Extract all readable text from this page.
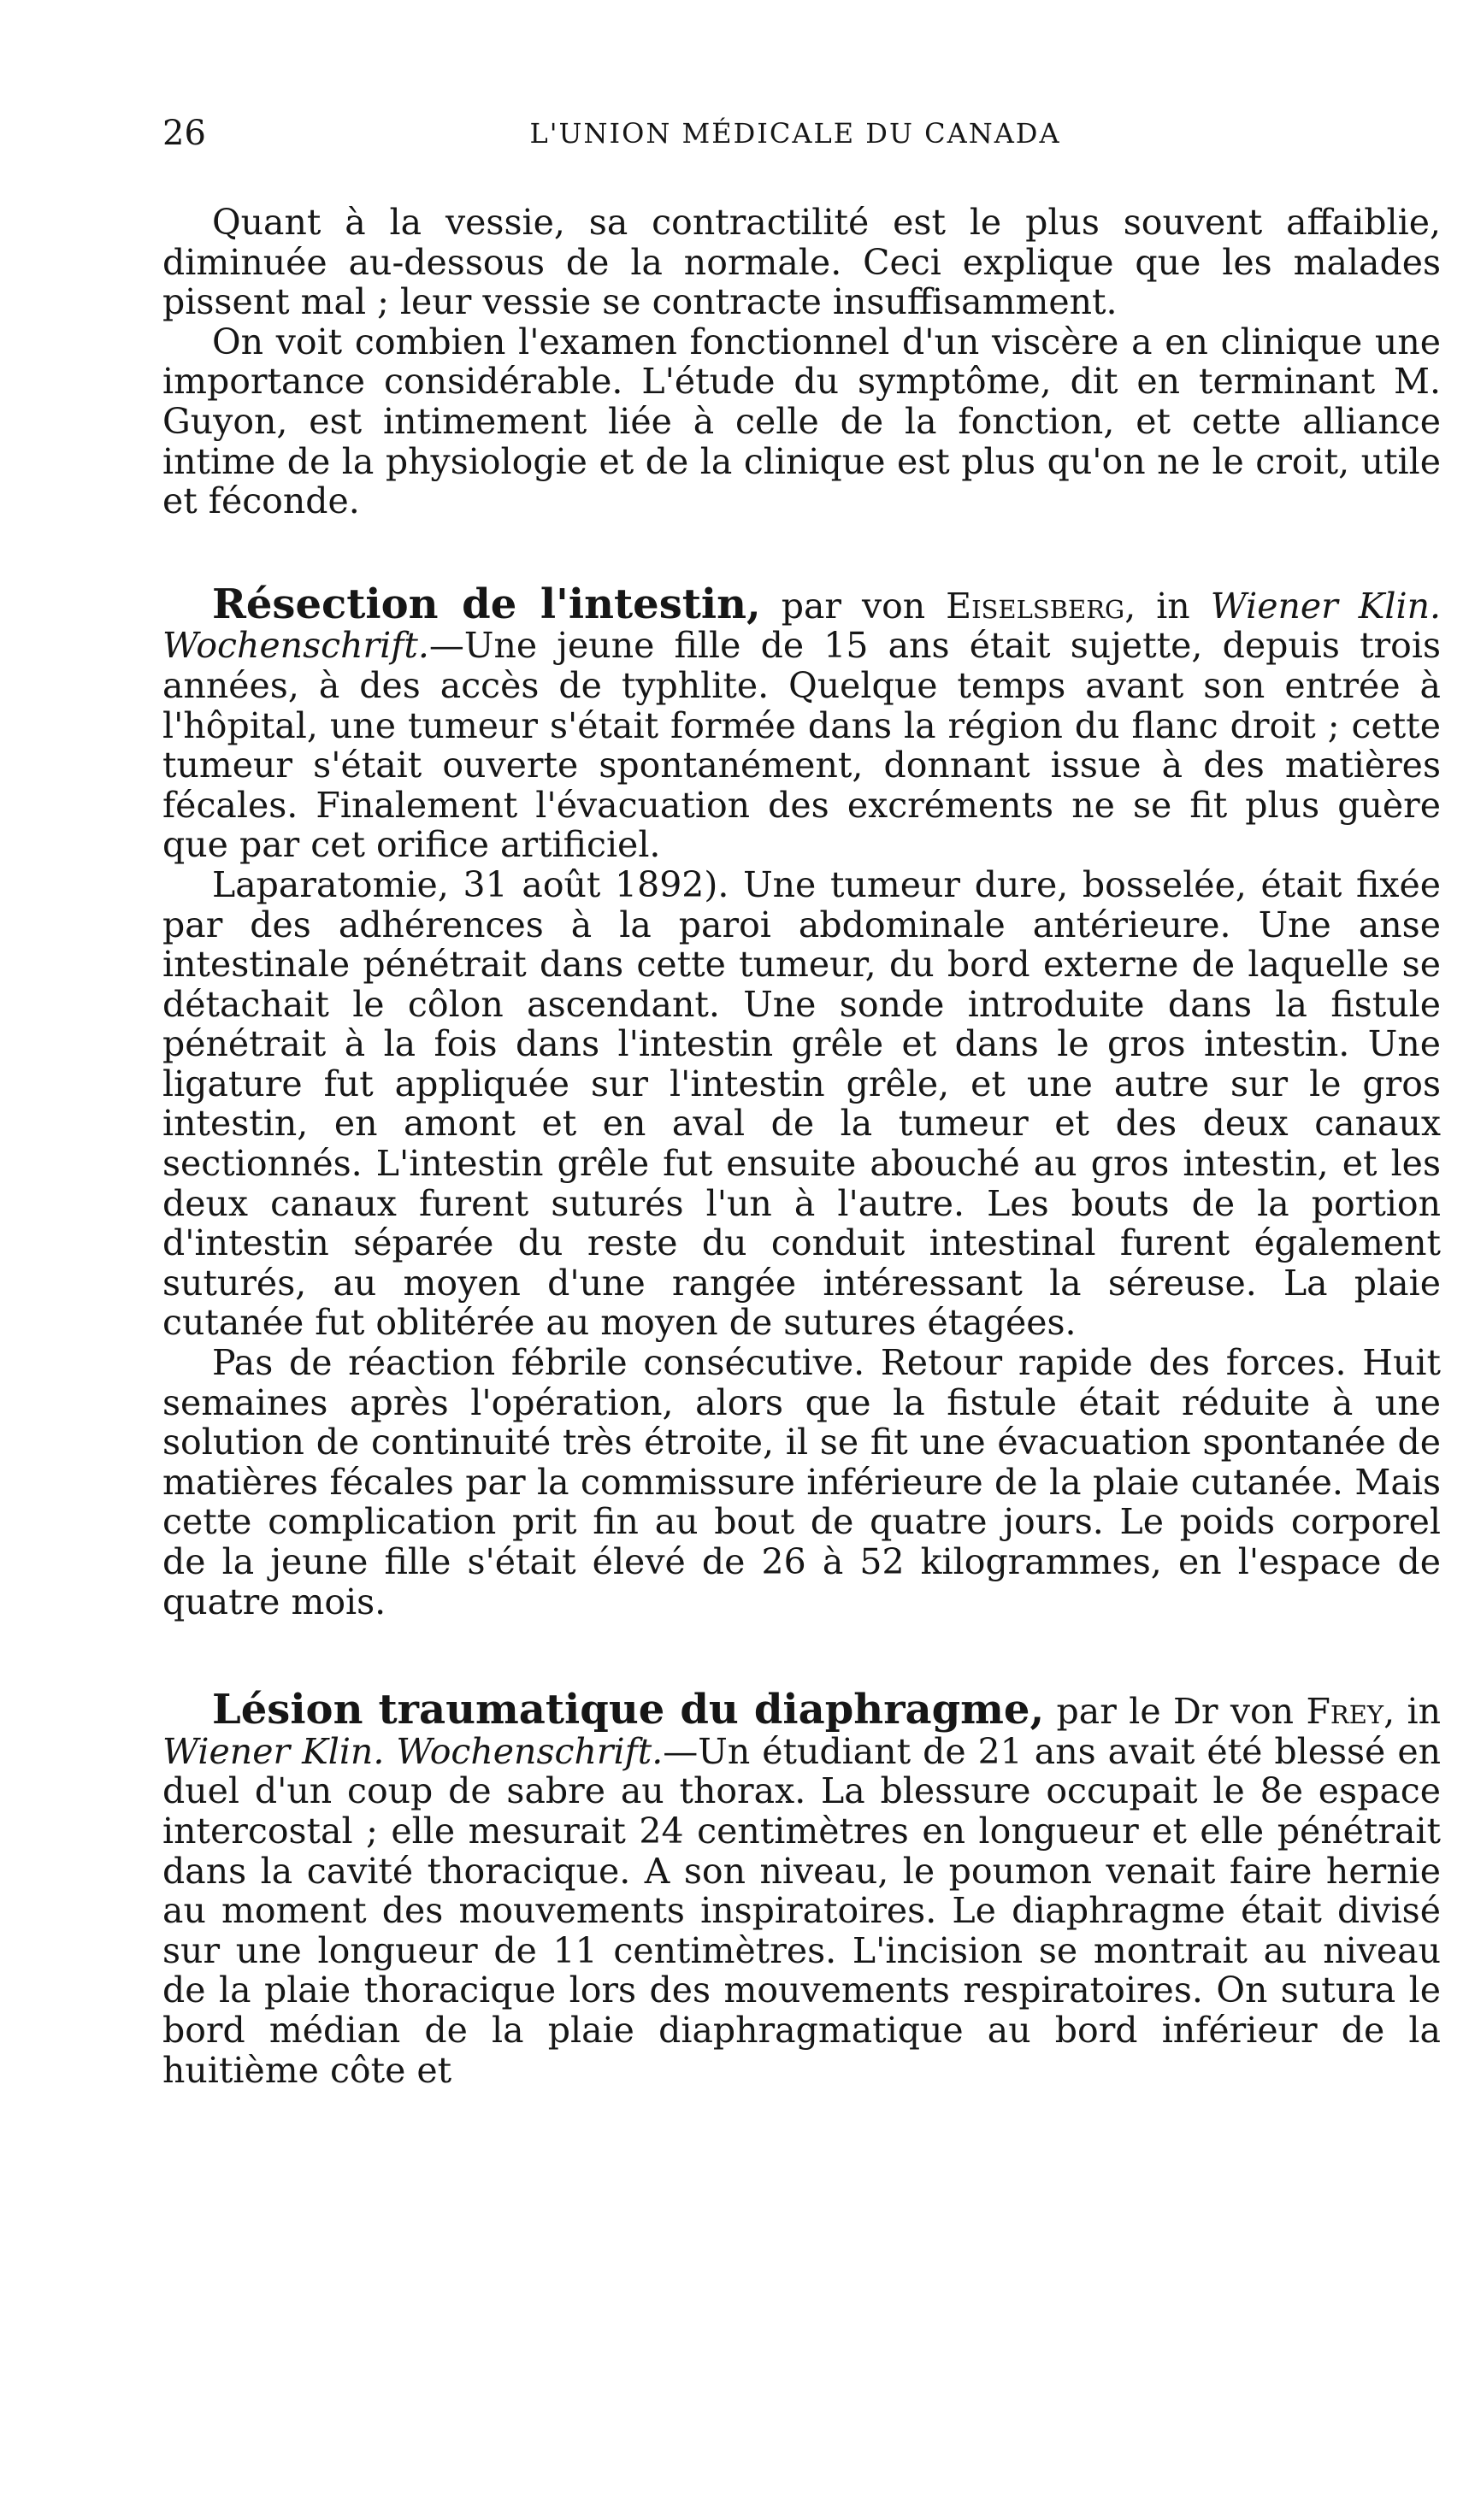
26	L'UNION MÉDICALE DU CANADA

Quant à la vessie, sa contractilité est le plus souvent affaiblie, diminuée au-dessous de la normale. Ceci explique que les malades pissent mal ; leur vessie se contracte insuffisamment.

On voit combien l'examen fonctionnel d'un viscère a en clinique une importance considérable. L'étude du symptôme, dit en terminant M. Guyon, est intimement liée à celle de la fonction, et cette alliance intime de la physiologie et de la clinique est plus qu'on ne le croit, utile et féconde.

Résection de l'intestin, par von Eiselsberg, in Wiener Klin. Wochenschrift.—Une jeune fille de 15 ans était sujette, depuis trois années, à des accès de typhlite. Quelque temps avant son entrée à l'hôpital, une tumeur s'était formée dans la région du flanc droit ; cette tumeur s'était ouverte spontanément, donnant issue à des matières fécales. Finalement l'évacuation des excréments ne se fit plus guère que par cet orifice artificiel.

Laparatomie, 31 août 1892). Une tumeur dure, bosselée, était fixée par des adhérences à la paroi abdominale antérieure. Une anse intestinale pénétrait dans cette tumeur, du bord externe de laquelle se détachait le côlon ascendant. Une sonde introduite dans la fistule pénétrait à la fois dans l'intestin grêle et dans le gros intestin. Une ligature fut appliquée sur l'intestin grêle, et une autre sur le gros intestin, en amont et en aval de la tumeur et des deux canaux sectionnés. L'intestin grêle fut ensuite abouché au gros intestin, et les deux canaux furent suturés l'un à l'autre. Les bouts de la portion d'intestin séparée du reste du conduit intestinal furent également suturés, au moyen d'une rangée intéressant la séreuse. La plaie cutanée fut oblitérée au moyen de sutures étagées.

Pas de réaction fébrile consécutive. Retour rapide des forces. Huit semaines après l'opération, alors que la fistule était réduite à une solution de continuité très étroite, il se fit une évacuation spontanée de matières fécales par la commissure inférieure de la plaie cutanée. Mais cette complication prit fin au bout de quatre jours. Le poids corporel de la jeune fille s'était élevé de 26 à 52 kilogrammes, en l'espace de quatre mois.

Lésion traumatique du diaphragme, par le Dr von Frey, in Wiener Klin. Wochenschrift.—Un étudiant de 21 ans avait été blessé en duel d'un coup de sabre au thorax. La blessure occupait le 8e espace intercostal ; elle mesurait 24 centimètres en longueur et elle pénétrait dans la cavité thoracique. A son niveau, le poumon venait faire hernie au moment des mouvements inspiratoires. Le diaphragme était divisé sur une longueur de 11 centimètres. L'incision se montrait au niveau de la plaie thoracique lors des mouvements respiratoires. On sutura le bord médian de la plaie diaphragmatique au bord inférieur de la huitième côte et
